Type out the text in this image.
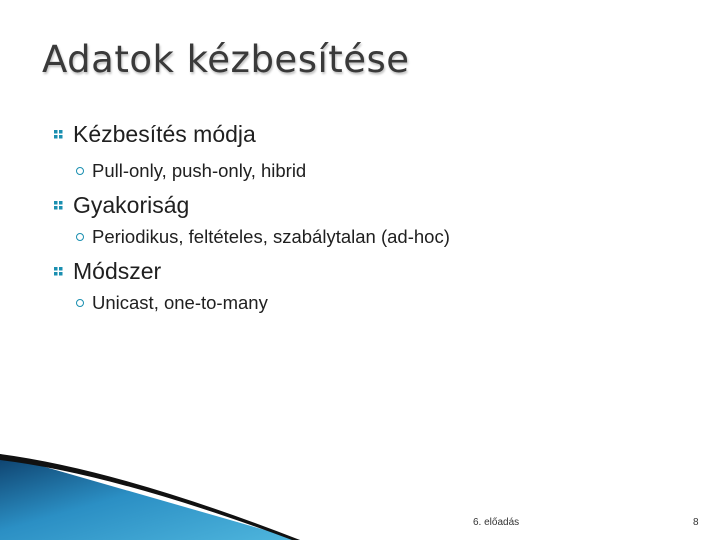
Adatok kézbesítése
Kézbesítés módja
Pull-only, push-only, hibrid
Gyakoriság
Periodikus, feltételes, szabálytalan (ad-hoc)
Módszer
Unicast, one-to-many
6. előadás	8
